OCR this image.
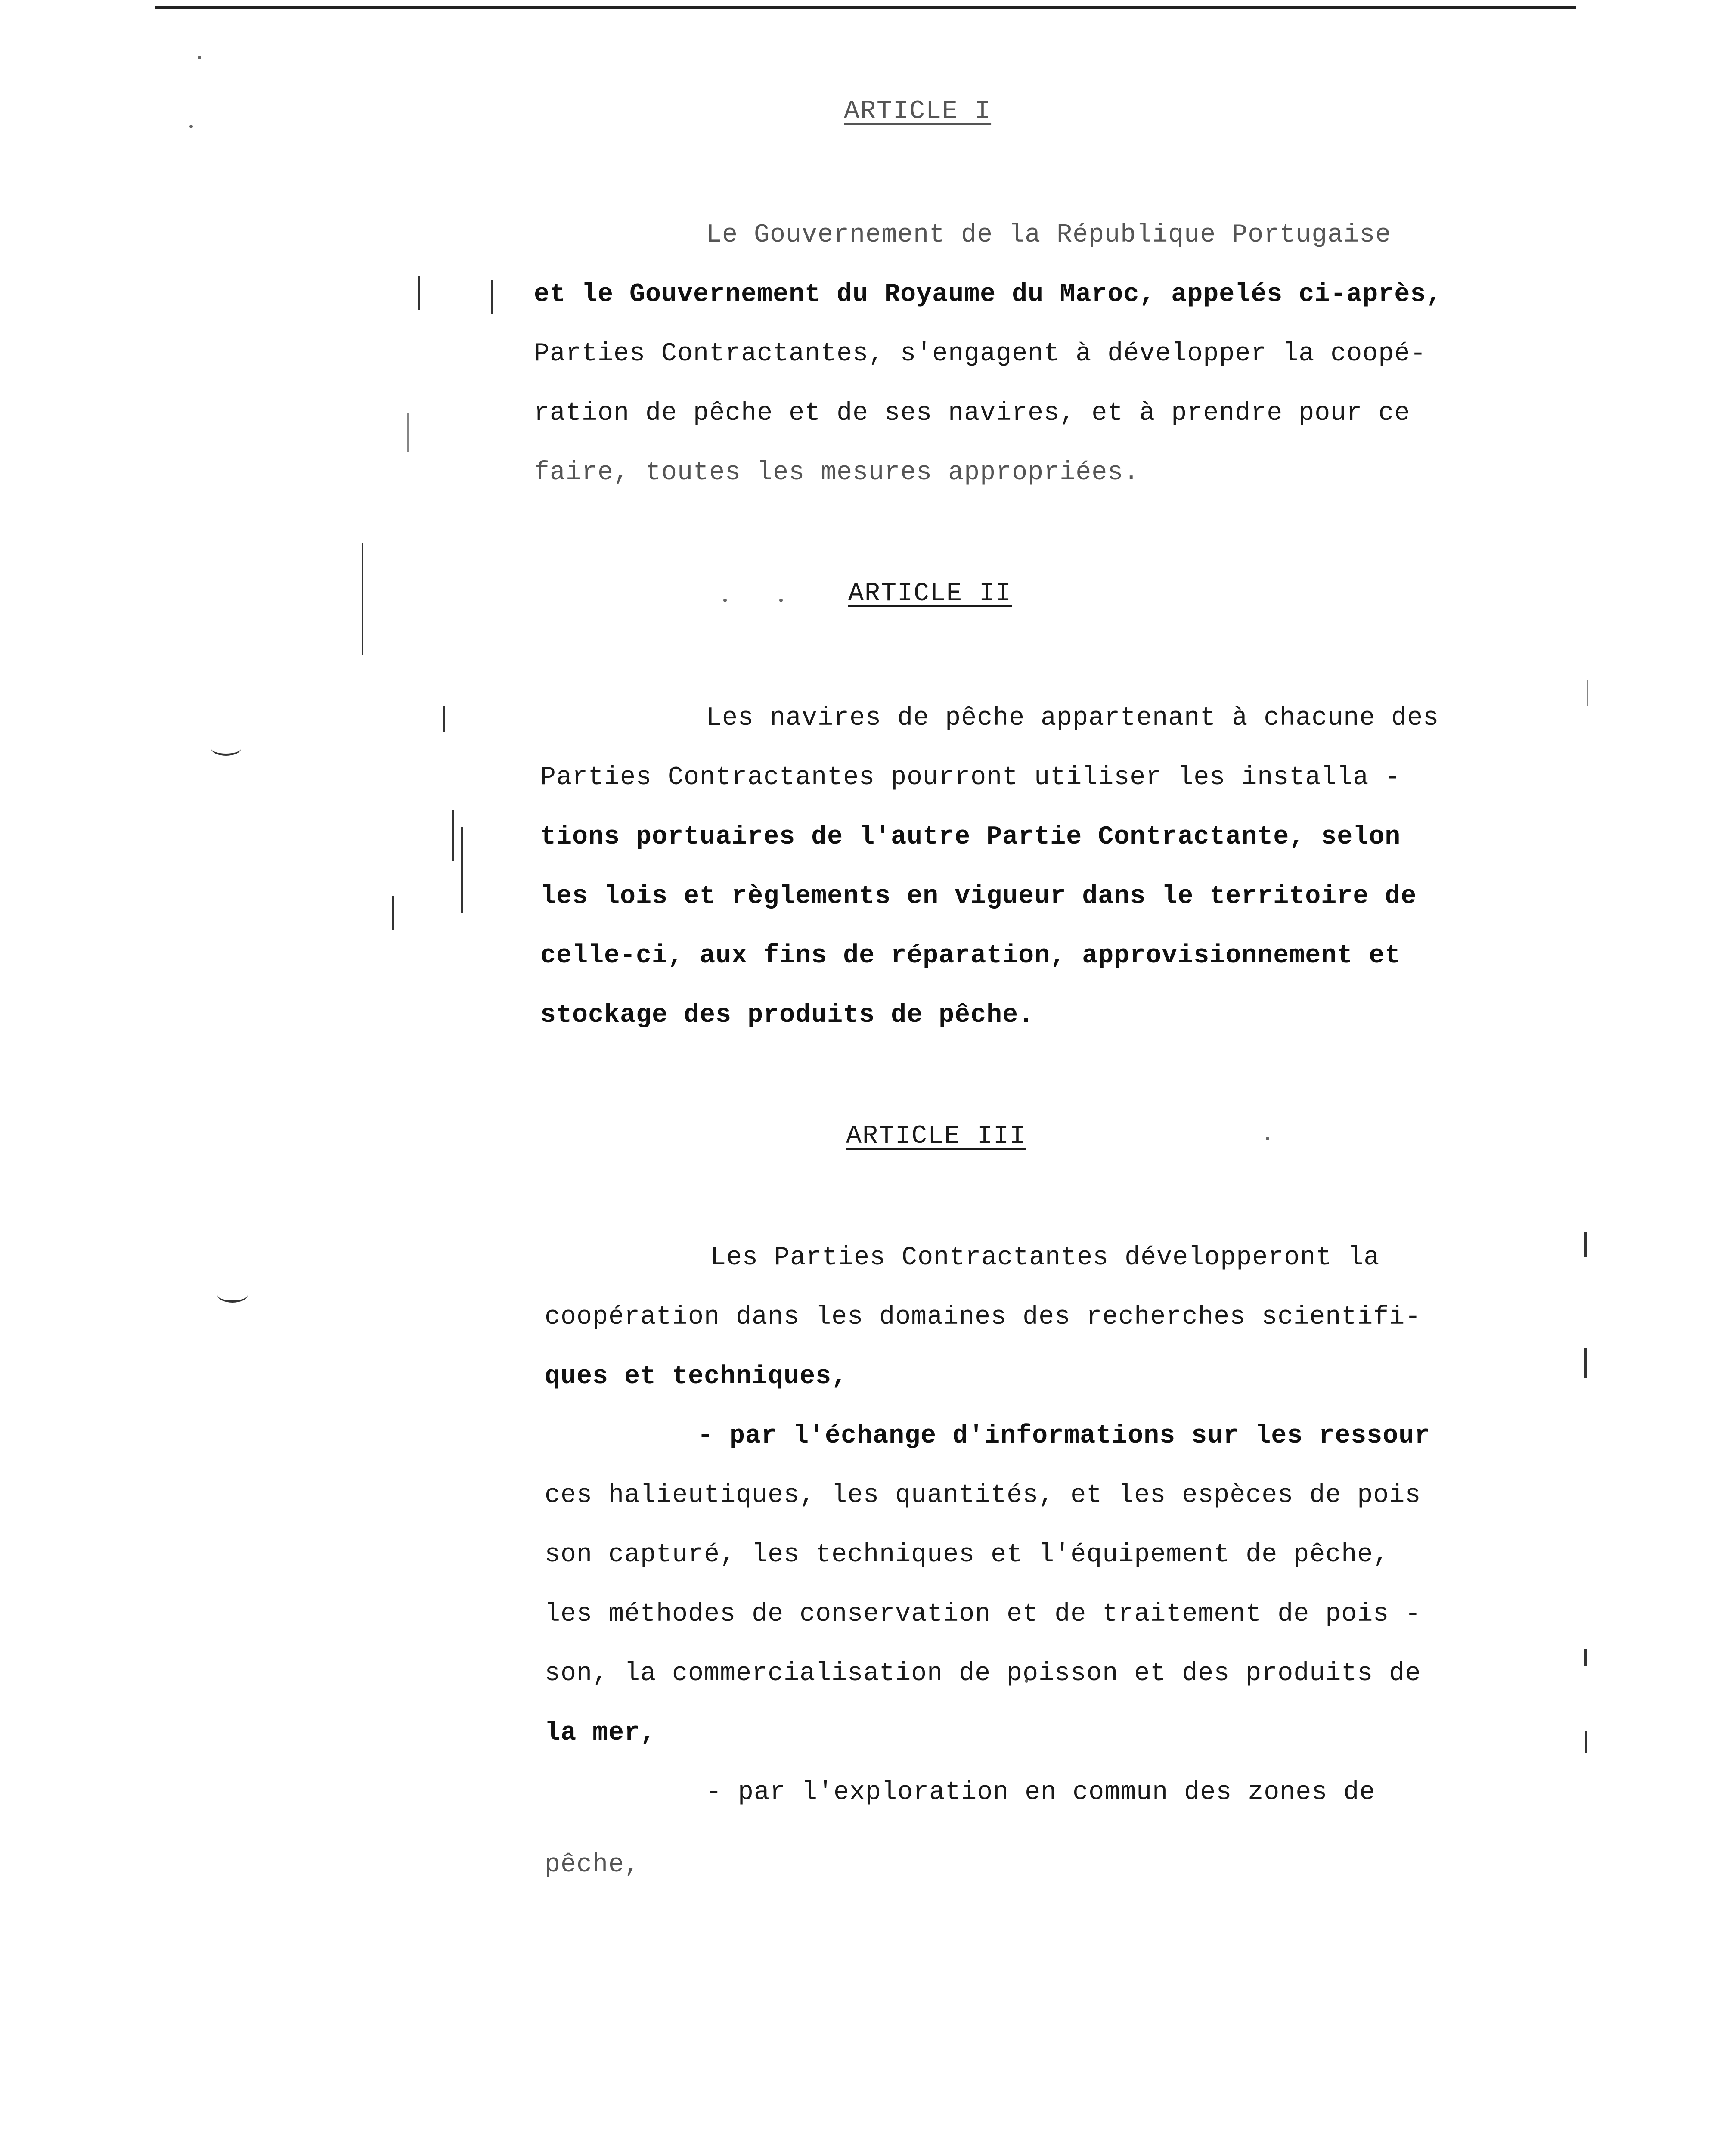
ARTICLE I

Le Gouvernement de la République Portugaise

et le Gouvernement du Royaume du Maroc, appelés ci-après,

Parties Contractantes, s'engagent à développer la coopé-

ration de pêche et de ses navires, et à prendre pour ce

faire, toutes les mesures appropriées.

ARTICLE II

Les navires de pêche appartenant à chacune des

Parties Contractantes pourront utiliser les installa -

tions portuaires de l'autre Partie Contractante, selon

les lois et règlements en vigueur dans le territoire de

celle-ci, aux fins de réparation, approvisionnement et

stockage des produits de pêche.

ARTICLE III

Les Parties Contractantes développeront la

coopération dans les domaines des recherches scientifi-

ques et techniques,

- par l'échange d'informations sur les ressour

ces halieutiques, les quantités, et les espèces de pois

son capturé, les techniques et l'équipement de pêche,

les méthodes de conservation et de traitement de pois -

son, la commercialisation de poisson et des produits de

la mer,

- par l'exploration en commun des zones de

pêche,
